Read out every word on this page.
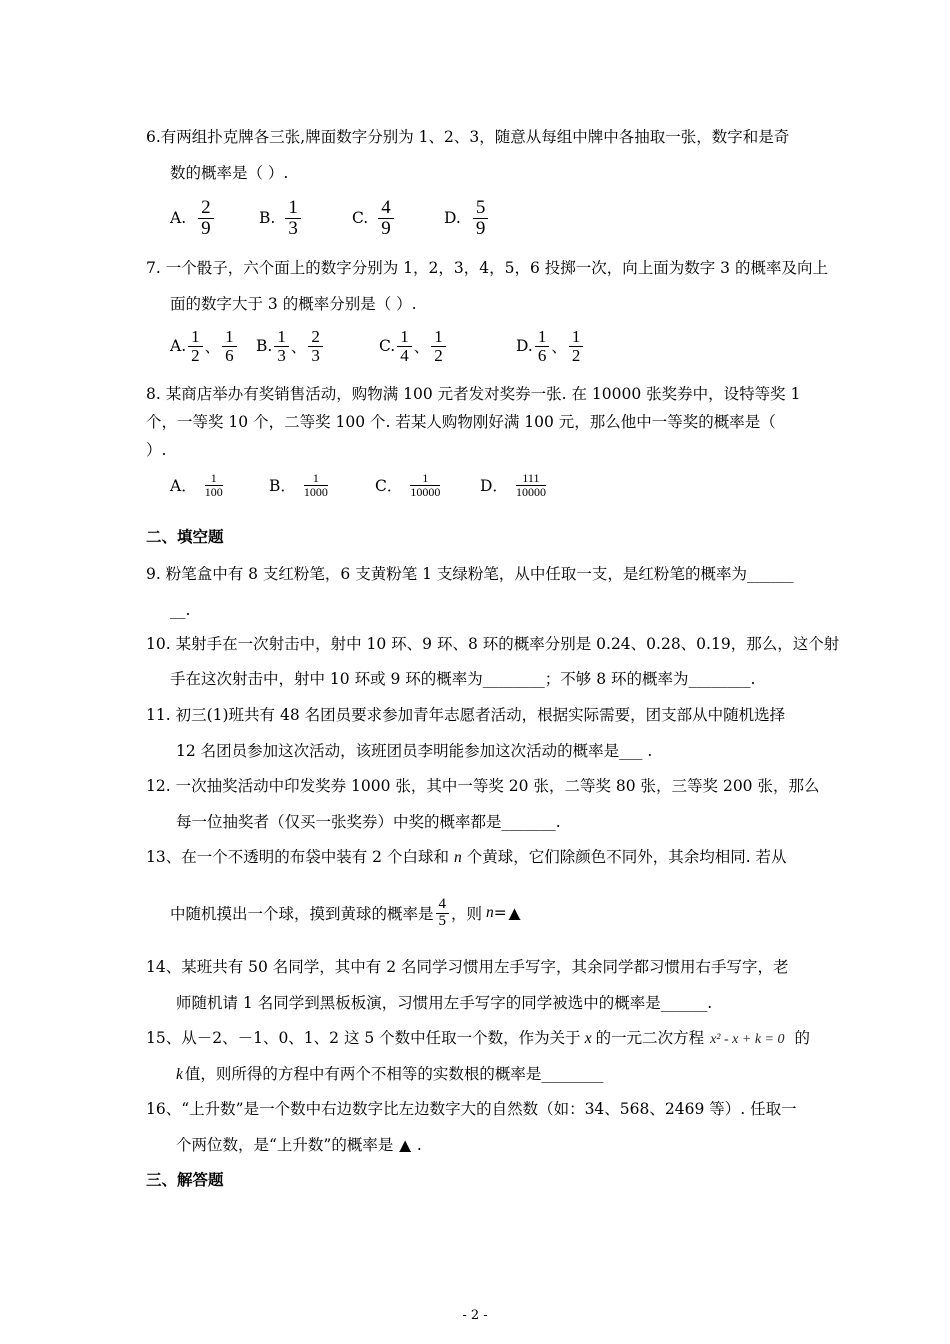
6.有两组扑克牌各三张,牌面数字分别为 1、2、3，随意从每组中牌中各抽取一张，数字和是奇
数的概率是（ ）.
A. $\frac{2}{9}$	B. $\frac{1}{3}$	C. $\frac{4}{9}$	D. $\frac{5}{9}$
7. 一个骰子，六个面上的数字分别为 1，2，3，4，5，6 投掷一次，向上面为数字 3 的概率及向上
面的数字大于 3 的概率分别是（ ）.
A. $\frac{1}{2}$ 、 $\frac{1}{6} B$. $\frac{1}{3}$ 、 $\frac{2}{3}$	C. $\frac{1}{4}$ 、 $\frac{1}{2}$	D. $\frac{1}{6}$ 、 $\frac{1}{2}$
8. 某商店举办有奖销售活动，购物满 100 元者发对奖券一张. 在 10000 张奖券中，设特等奖 1
个，一等奖 10 个，二等奖 100 个. 若某人购物刚好满 100 元，那么他中一等奖的概率是（
）.
A． $\frac{1}{100}$	B． $\frac{1}{1000}$	C． $\frac{1}{10000}$	D． $\frac{111}{10000}$
二、填空题
9. 粉笔盒中有 8 支红粉笔，6 支黄粉笔 1 支绿粉笔，从中任取一支，是红粉笔的概率为______
__.
10. 某射手在一次射击中，射中 10 环、9 环、8 环的概率分别是 0.24、0.28、0.19，那么，这个射
手在这次射击中，射中 10 环或 9 环的概率为________；不够 8 环的概率为________.
11. 初三(1)班共有 48 名团员要求参加青年志愿者活动，根据实际需要，团支部从中随机选择
12 名团员参加这次活动，该班团员李明能参加这次活动的概率是___ .
12. 一次抽奖活动中印发奖券 1000 张，其中一等奖 20 张，二等奖 80 张，三等奖 200 张，那么
每一位抽奖者（仅买一张奖券）中奖的概率都是_______.
13、在一个不透明的布袋中装有 2 个白球和 n 个黄球，它们除颜色不同外，其余均相同. 若从
中随机摸出一个球，摸到黄球的概率是 $\frac{4}{5}$ ，则 n = ▲
14、某班共有 50 名同学，其中有 2 名同学习惯用左手写字，其余同学都习惯用右手写字，老
师随机请 1 名同学到黑板板演，习惯用左手写字的同学被选中的概率是______.
15、从－2、－1、0、1、2 这 5 个数中任取一个数，作为关于 x 的一元二次方程 x² - x + k = 0 的
k 值，则所得的方程中有两个不相等的实数根的概率是________
16、“上升数”是一个数中右边数字比左边数字大的自然数（如：34、568、2469 等）. 任取一
个两位数，是“上升数”的概率是 ▲ .
三、解答题
- 2 -
